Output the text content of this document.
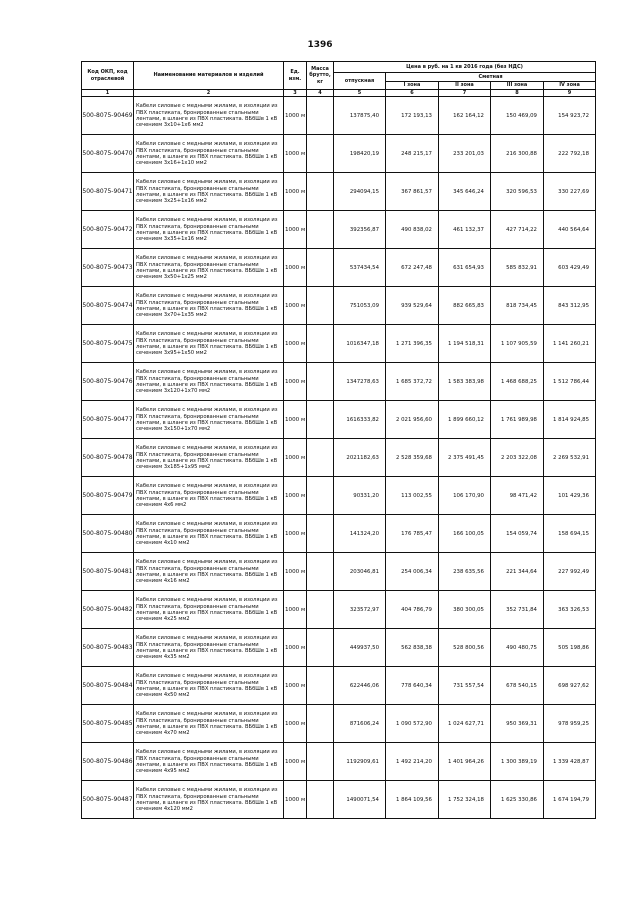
1396
Код ОКП, код отраслевой	Наименование материалов и изделий	Ед. изм.	Масса брутто, кг	Цена в руб. на 1 кв 2016 года (без НДС)				
				отпускная	Сметная			
					I зона	II зона	III зона	IV зона
1	2	3	4	5	6	7	8	9
500-8075-90469	Кабели силовые с медными жилами, в изоляции из ПВХ пластиката, бронированные стальными лентами, в шланге из ПВХ пластиката. ВБбШв 1 кВ сечением 3х10+1х6 мм2	1000 м		137875,40	172 193,13	162 164,12	150 469,09	154 923,72
500-8075-90470	Кабели силовые с медными жилами, в изоляции из ПВХ пластиката, бронированные стальными лентами, в шланге из ПВХ пластиката. ВБбШв 1 кВ сечением 3х16+1х10 мм2	1000 м		198420,19	248 215,17	233 201,03	216 300,88	222 792,18
500-8075-90471	Кабели силовые с медными жилами, в изоляции из ПВХ пластиката, бронированные стальными лентами, в шланге из ПВХ пластиката. ВБбШв 1 кВ сечением 3х25+1х16 мм2	1000 м		294094,15	367 861,57	345 646,24	320 596,53	330 227,69
500-8075-90472	Кабели силовые с медными жилами, в изоляции из ПВХ пластиката, бронированные стальными лентами, в шланге из ПВХ пластиката. ВБбШв 1 кВ сечением 3х35+1х16 мм2	1000 м		392356,87	490 838,02	461 132,37	427 714,22	440 564,64
500-8075-90473	Кабели силовые с медными жилами, в изоляции из ПВХ пластиката, бронированные стальными лентами, в шланге из ПВХ пластиката. ВБбШв 1 кВ сечением 3х50+1х25 мм2	1000 м		537434,54	672 247,48	631 654,93	585 832,91	603 429,49
500-8075-90474	Кабели силовые с медными жилами, в изоляции из ПВХ пластиката, бронированные стальными лентами, в шланге из ПВХ пластиката. ВБбШв 1 кВ сечением 3х70+1х35 мм2	1000 м		751053,09	939 529,64	882 665,83	818 734,45	843 312,95
500-8075-90475	Кабели силовые с медными жилами, в изоляции из ПВХ пластиката, бронированные стальными лентами, в шланге из ПВХ пластиката. ВБбШв 1 кВ сечением 3х95+1х50 мм2	1000 м		1016347,18	1 271 396,35	1 194 518,31	1 107 905,59	1 141 260,21
500-8075-90476	Кабели силовые с медными жилами, в изоляции из ПВХ пластиката, бронированные стальными лентами, в шланге из ПВХ пластиката. ВБбШв 1 кВ сечением 3х120+1х70 мм2	1000 м		1347278,63	1 685 372,72	1 583 383,98	1 468 688,25	1 512 786,44
500-8075-90477	Кабели силовые с медными жилами, в изоляции из ПВХ пластиката, бронированные стальными лентами, в шланге из ПВХ пластиката. ВБбШв 1 кВ сечением 3х150+1х70 мм2	1000 м		1616333,82	2 021 956,60	1 899 660,12	1 761 989,98	1 814 924,85
500-8075-90478	Кабели силовые с медными жилами, в изоляции из ПВХ пластиката, бронированные стальными лентами, в шланге из ПВХ пластиката. ВБбШв 1 кВ сечением 3х185+1х95 мм2	1000 м		2021182,63	2 528 359,68	2 375 491,45	2 203 322,08	2 269 532,91
500-8075-90479	Кабели силовые с медными жилами, в изоляции из ПВХ пластиката, бронированные стальными лентами, в шланге из ПВХ пластиката. ВБбШв 1 кВ сечением 4х6 мм2	1000 м		90331,20	113 002,55	106 170,90	98 471,42	101 429,36
500-8075-90480	Кабели силовые с медными жилами, в изоляции из ПВХ пластиката, бронированные стальными лентами, в шланге из ПВХ пластиката. ВБбШв 1 кВ сечением 4х10 мм2	1000 м		141324,20	176 785,47	166 100,05	154 059,74	158 694,15
500-8075-90481	Кабели силовые с медными жилами, в изоляции из ПВХ пластиката, бронированные стальными лентами, в шланге из ПВХ пластиката. ВБбШв 1 кВ сечением 4х16 мм2	1000 м		203046,81	254 006,34	238 635,56	221 344,64	227 992,49
500-8075-90482	Кабели силовые с медными жилами, в изоляции из ПВХ пластиката, бронированные стальными лентами, в шланге из ПВХ пластиката. ВБбШв 1 кВ сечением 4х25 мм2	1000 м		323572,97	404 786,79	380 300,05	352 731,84	363 326,53
500-8075-90483	Кабели силовые с медными жилами, в изоляции из ПВХ пластиката, бронированные стальными лентами, в шланге из ПВХ пластиката. ВБбШв 1 кВ сечением 4х35 мм2	1000 м		449937,50	562 838,38	528 800,56	490 480,75	505 198,86
500-8075-90484	Кабели силовые с медными жилами, в изоляции из ПВХ пластиката, бронированные стальными лентами, в шланге из ПВХ пластиката. ВБбШв 1 кВ сечением 4х50 мм2	1000 м		622446,06	778 640,34	731 557,54	678 540,15	698 927,62
500-8075-90485	Кабели силовые с медными жилами, в изоляции из ПВХ пластиката, бронированные стальными лентами, в шланге из ПВХ пластиката. ВБбШв 1 кВ сечением 4х70 мм2	1000 м		871606,24	1 090 572,90	1 024 627,71	950 369,31	978 959,25
500-8075-90486	Кабели силовые с медными жилами, в изоляции из ПВХ пластиката, бронированные стальными лентами, в шланге из ПВХ пластиката. ВБбШв 1 кВ сечением 4х95 мм2	1000 м		1192909,61	1 492 214,20	1 401 964,26	1 300 389,19	1 339 428,87
500-8075-90487	Кабели силовые с медными жилами, в изоляции из ПВХ пластиката, бронированные стальными лентами, в шланге из ПВХ пластиката. ВБбШв 1 кВ сечением 4х120 мм2	1000 м		1490071,54	1 864 109,56	1 752 324,18	1 625 330,86	1 674 194,79
